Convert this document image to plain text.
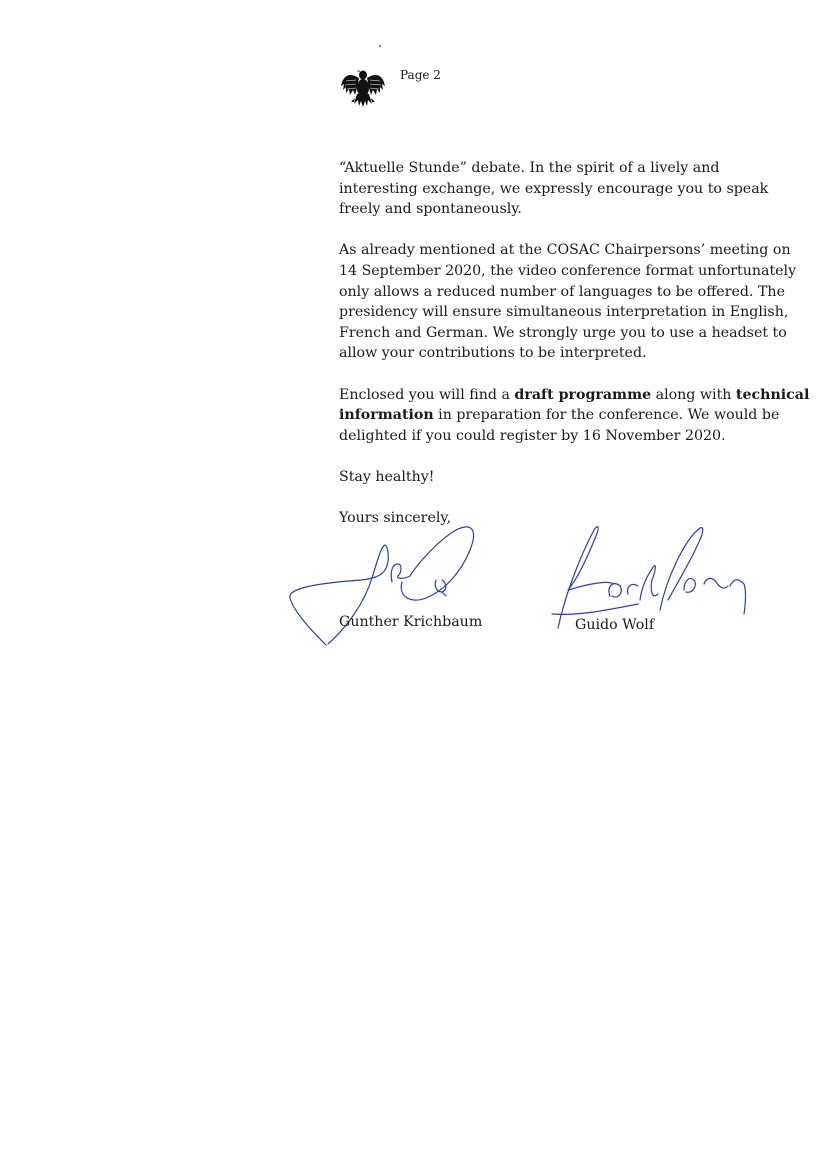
Page 2

“Aktuelle Stunde” debate. In the spirit of a lively and
interesting exchange, we expressly encourage you to speak
freely and spontaneously.

As already mentioned at the COSAC Chairpersons’ meeting on
14 September 2020, the video conference format unfortunately
only allows a reduced number of languages to be offered. The
presidency will ensure simultaneous interpretation in English,
French and German. We strongly urge you to use a headset to
allow your contributions to be interpreted.

Enclosed you will find a draft programme along with technical
information in preparation for the conference. We would be
delighted if you could register by 16 November 2020.

Stay healthy!

Yours sincerely,

Gunther Krichbaum	Guido Wolf
